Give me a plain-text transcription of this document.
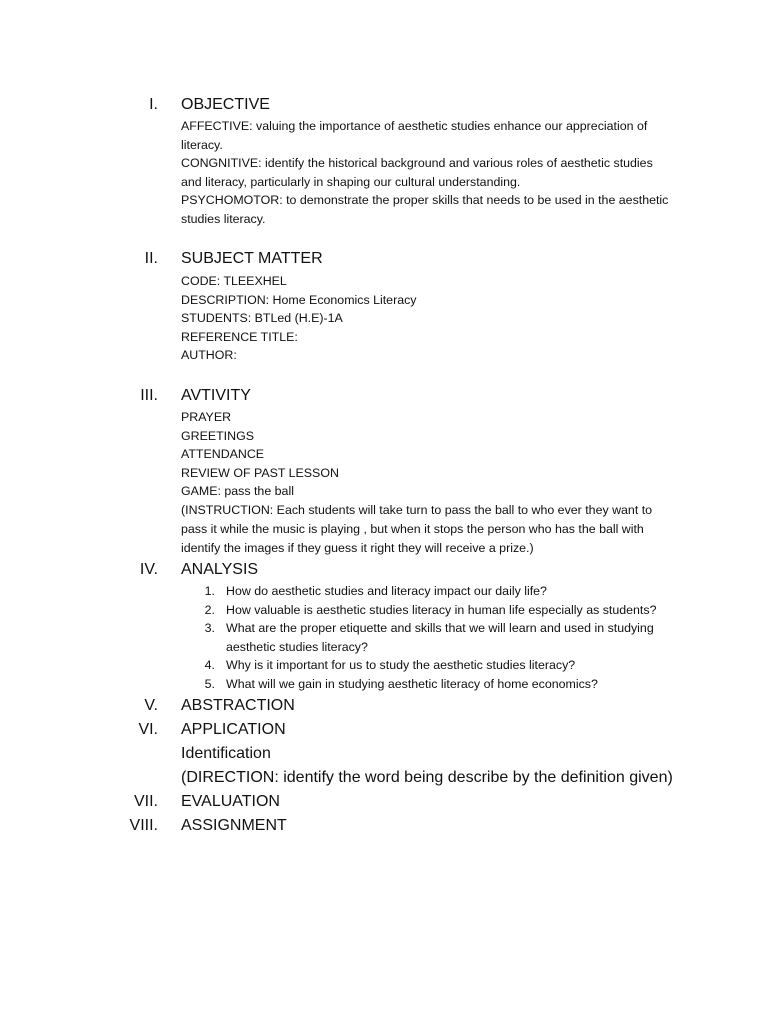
I. OBJECTIVE
AFFECTIVE: valuing the importance of aesthetic studies enhance our appreciation of
literacy.
CONGNITIVE: identify the historical background and various roles of aesthetic studies
and literacy, particularly in shaping our cultural understanding.
PSYCHOMOTOR: to demonstrate the proper skills that needs to be used in the aesthetic
studies literacy.
II. SUBJECT MATTER
CODE: TLEEXHEL
DESCRIPTION: Home Economics Literacy
STUDENTS: BTLed (H.E)-1A
REFERENCE TITLE:
AUTHOR:
III. AVTIVITY
PRAYER
GREETINGS
ATTENDANCE
REVIEW OF PAST LESSON
GAME: pass the ball
(INSTRUCTION: Each students will take turn to pass the ball to who ever they want to
pass it while the music is playing , but when it stops the person who has the ball with
identify the images if they guess it right they will receive a prize.)
IV. ANALYSIS
1. How do aesthetic studies and literacy impact our daily life?
2. How valuable is aesthetic studies literacy in human life especially as students?
3. What are the proper etiquette and skills that we will learn and used in studying
aesthetic studies literacy?
4. Why is it important for us to study the aesthetic studies literacy?
5. What will we gain in studying aesthetic literacy of home economics?
V. ABSTRACTION
VI. APPLICATION
Identification
(DIRECTION: identify the word being describe by the definition given)
VII. EVALUATION
VIII. ASSIGNMENT
